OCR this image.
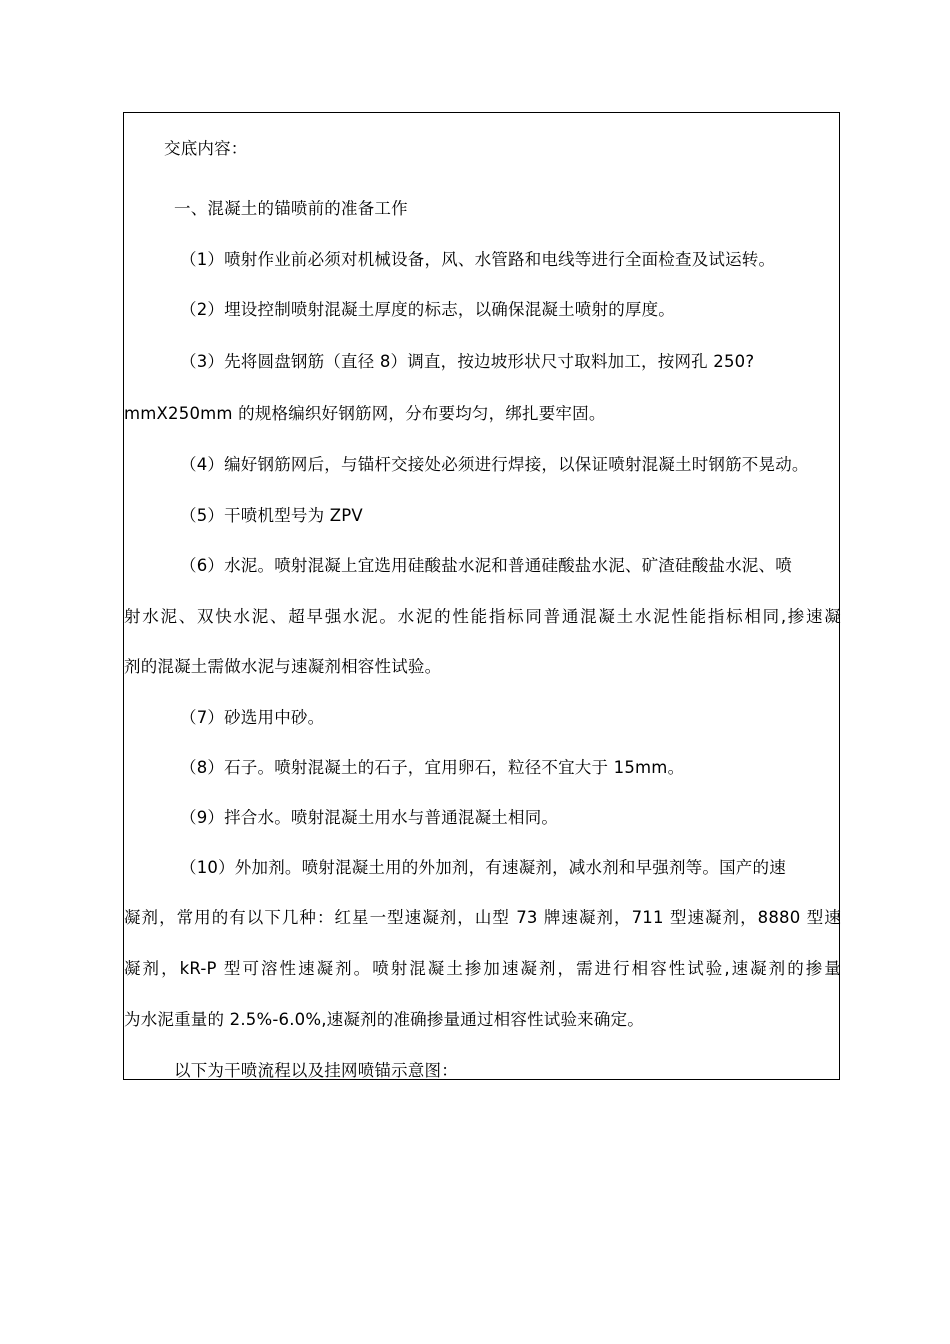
交底内容：

一、混凝土的锚喷前的准备工作

（1）喷射作业前必须对机械设备，风、水管路和电线等进行全面检查及试运转。

（2）埋设控制喷射混凝土厚度的标志，以确保混凝土喷射的厚度。

（3）先将圆盘钢筋（直径 8）调直，按边坡形状尺寸取料加工，按网孔 250?

mmX250mm 的规格编织好钢筋网，分布要均匀，绑扎要牢固。

（4）编好钢筋网后，与锚杆交接处必须进行焊接，以保证喷射混凝土时钢筋不晃动。

（5）干喷机型号为 ZPV

（6）水泥。喷射混凝上宜选用硅酸盐水泥和普通硅酸盐水泥、矿渣硅酸盐水泥、喷

射水泥、双快水泥、超早强水泥。水泥的性能指标同普通混凝土水泥性能指标相同,掺速凝

剂的混凝土需做水泥与速凝剂相容性试验。

（7）砂选用中砂。

（8）石子。喷射混凝土的石子，宜用卵石，粒径不宜大于 15mm。

（9）拌合水。喷射混凝土用水与普通混凝土相同。

（10）外加剂。喷射混凝土用的外加剂，有速凝剂，减水剂和早强剂等。国产的速

凝剂，常用的有以下几种：红星一型速凝剂，山型 73 牌速凝剂，711 型速凝剂，8880 型速

凝剂，kR-P 型可溶性速凝剂。喷射混凝土掺加速凝剂，需进行相容性试验,速凝剂的掺量

为水泥重量的 2.5%-6.0%,速凝剂的准确掺量通过相容性试验来确定。

以下为干喷流程以及挂网喷锚示意图：
